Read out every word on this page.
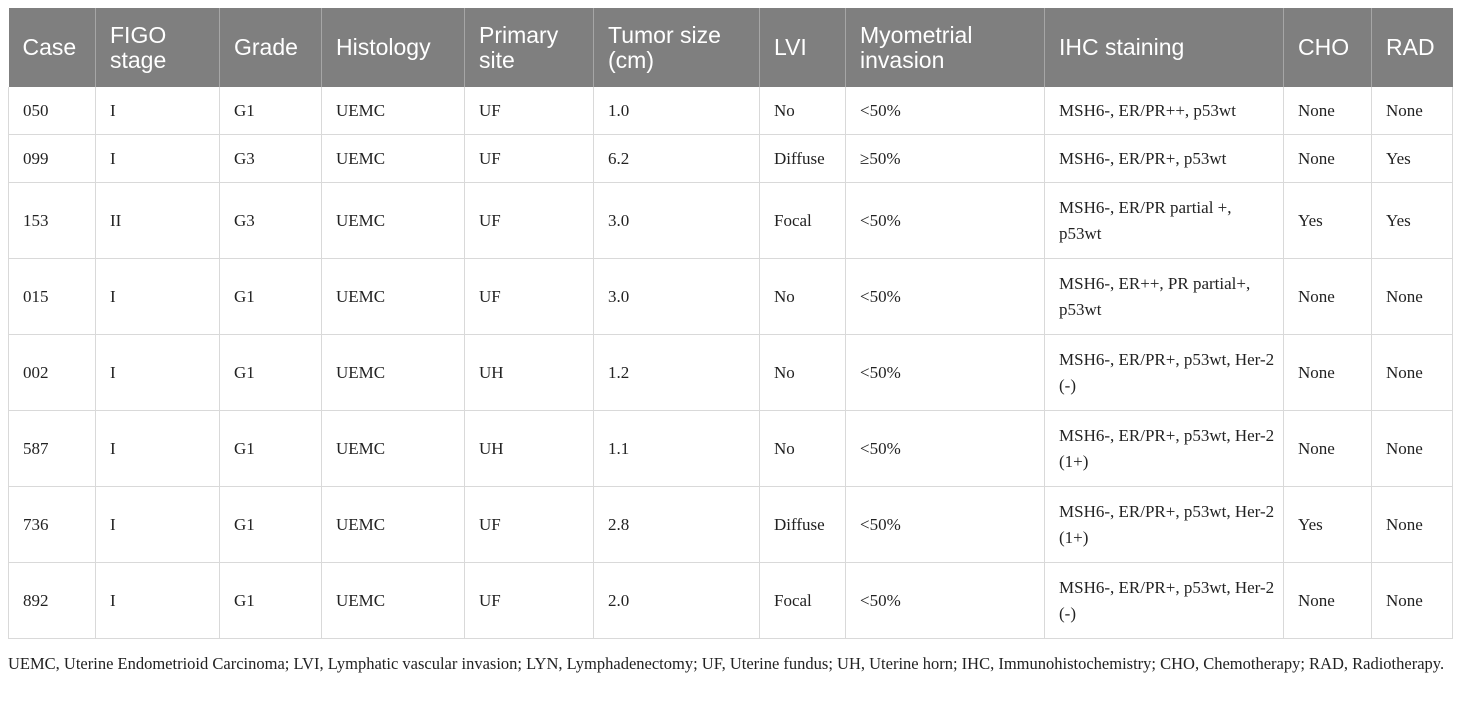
Case	FIGO stage	Grade	Histology	Primary site	Tumor size (cm)	LVI	Myometrial invasion	IHC staining	CHO	RAD
050	I	G1	UEMC	UF	1.0	No	<50%	MSH6-, ER/PR++, p53wt	None	None
099	I	G3	UEMC	UF	6.2	Diffuse	≥50%	MSH6-, ER/PR+, p53wt	None	Yes
153	II	G3	UEMC	UF	3.0	Focal	<50%	MSH6-, ER/PR partial +, p53wt	Yes	Yes
015	I	G1	UEMC	UF	3.0	No	<50%	MSH6-, ER++, PR partial+, p53wt	None	None
002	I	G1	UEMC	UH	1.2	No	<50%	MSH6-, ER/PR+, p53wt, Her-2 (-)	None	None
587	I	G1	UEMC	UH	1.1	No	<50%	MSH6-, ER/PR+, p53wt, Her-2 (1+)	None	None
736	I	G1	UEMC	UF	2.8	Diffuse	<50%	MSH6-, ER/PR+, p53wt, Her-2 (1+)	Yes	None
892	I	G1	UEMC	UF	2.0	Focal	<50%	MSH6-, ER/PR+, p53wt, Her-2 (-)	None	None

UEMC, Uterine Endometrioid Carcinoma; LVI, Lymphatic vascular invasion; LYN, Lymphadenectomy; UF, Uterine fundus; UH, Uterine horn; IHC, Immunohistochemistry; CHO, Chemotherapy; RAD, Radiotherapy.
